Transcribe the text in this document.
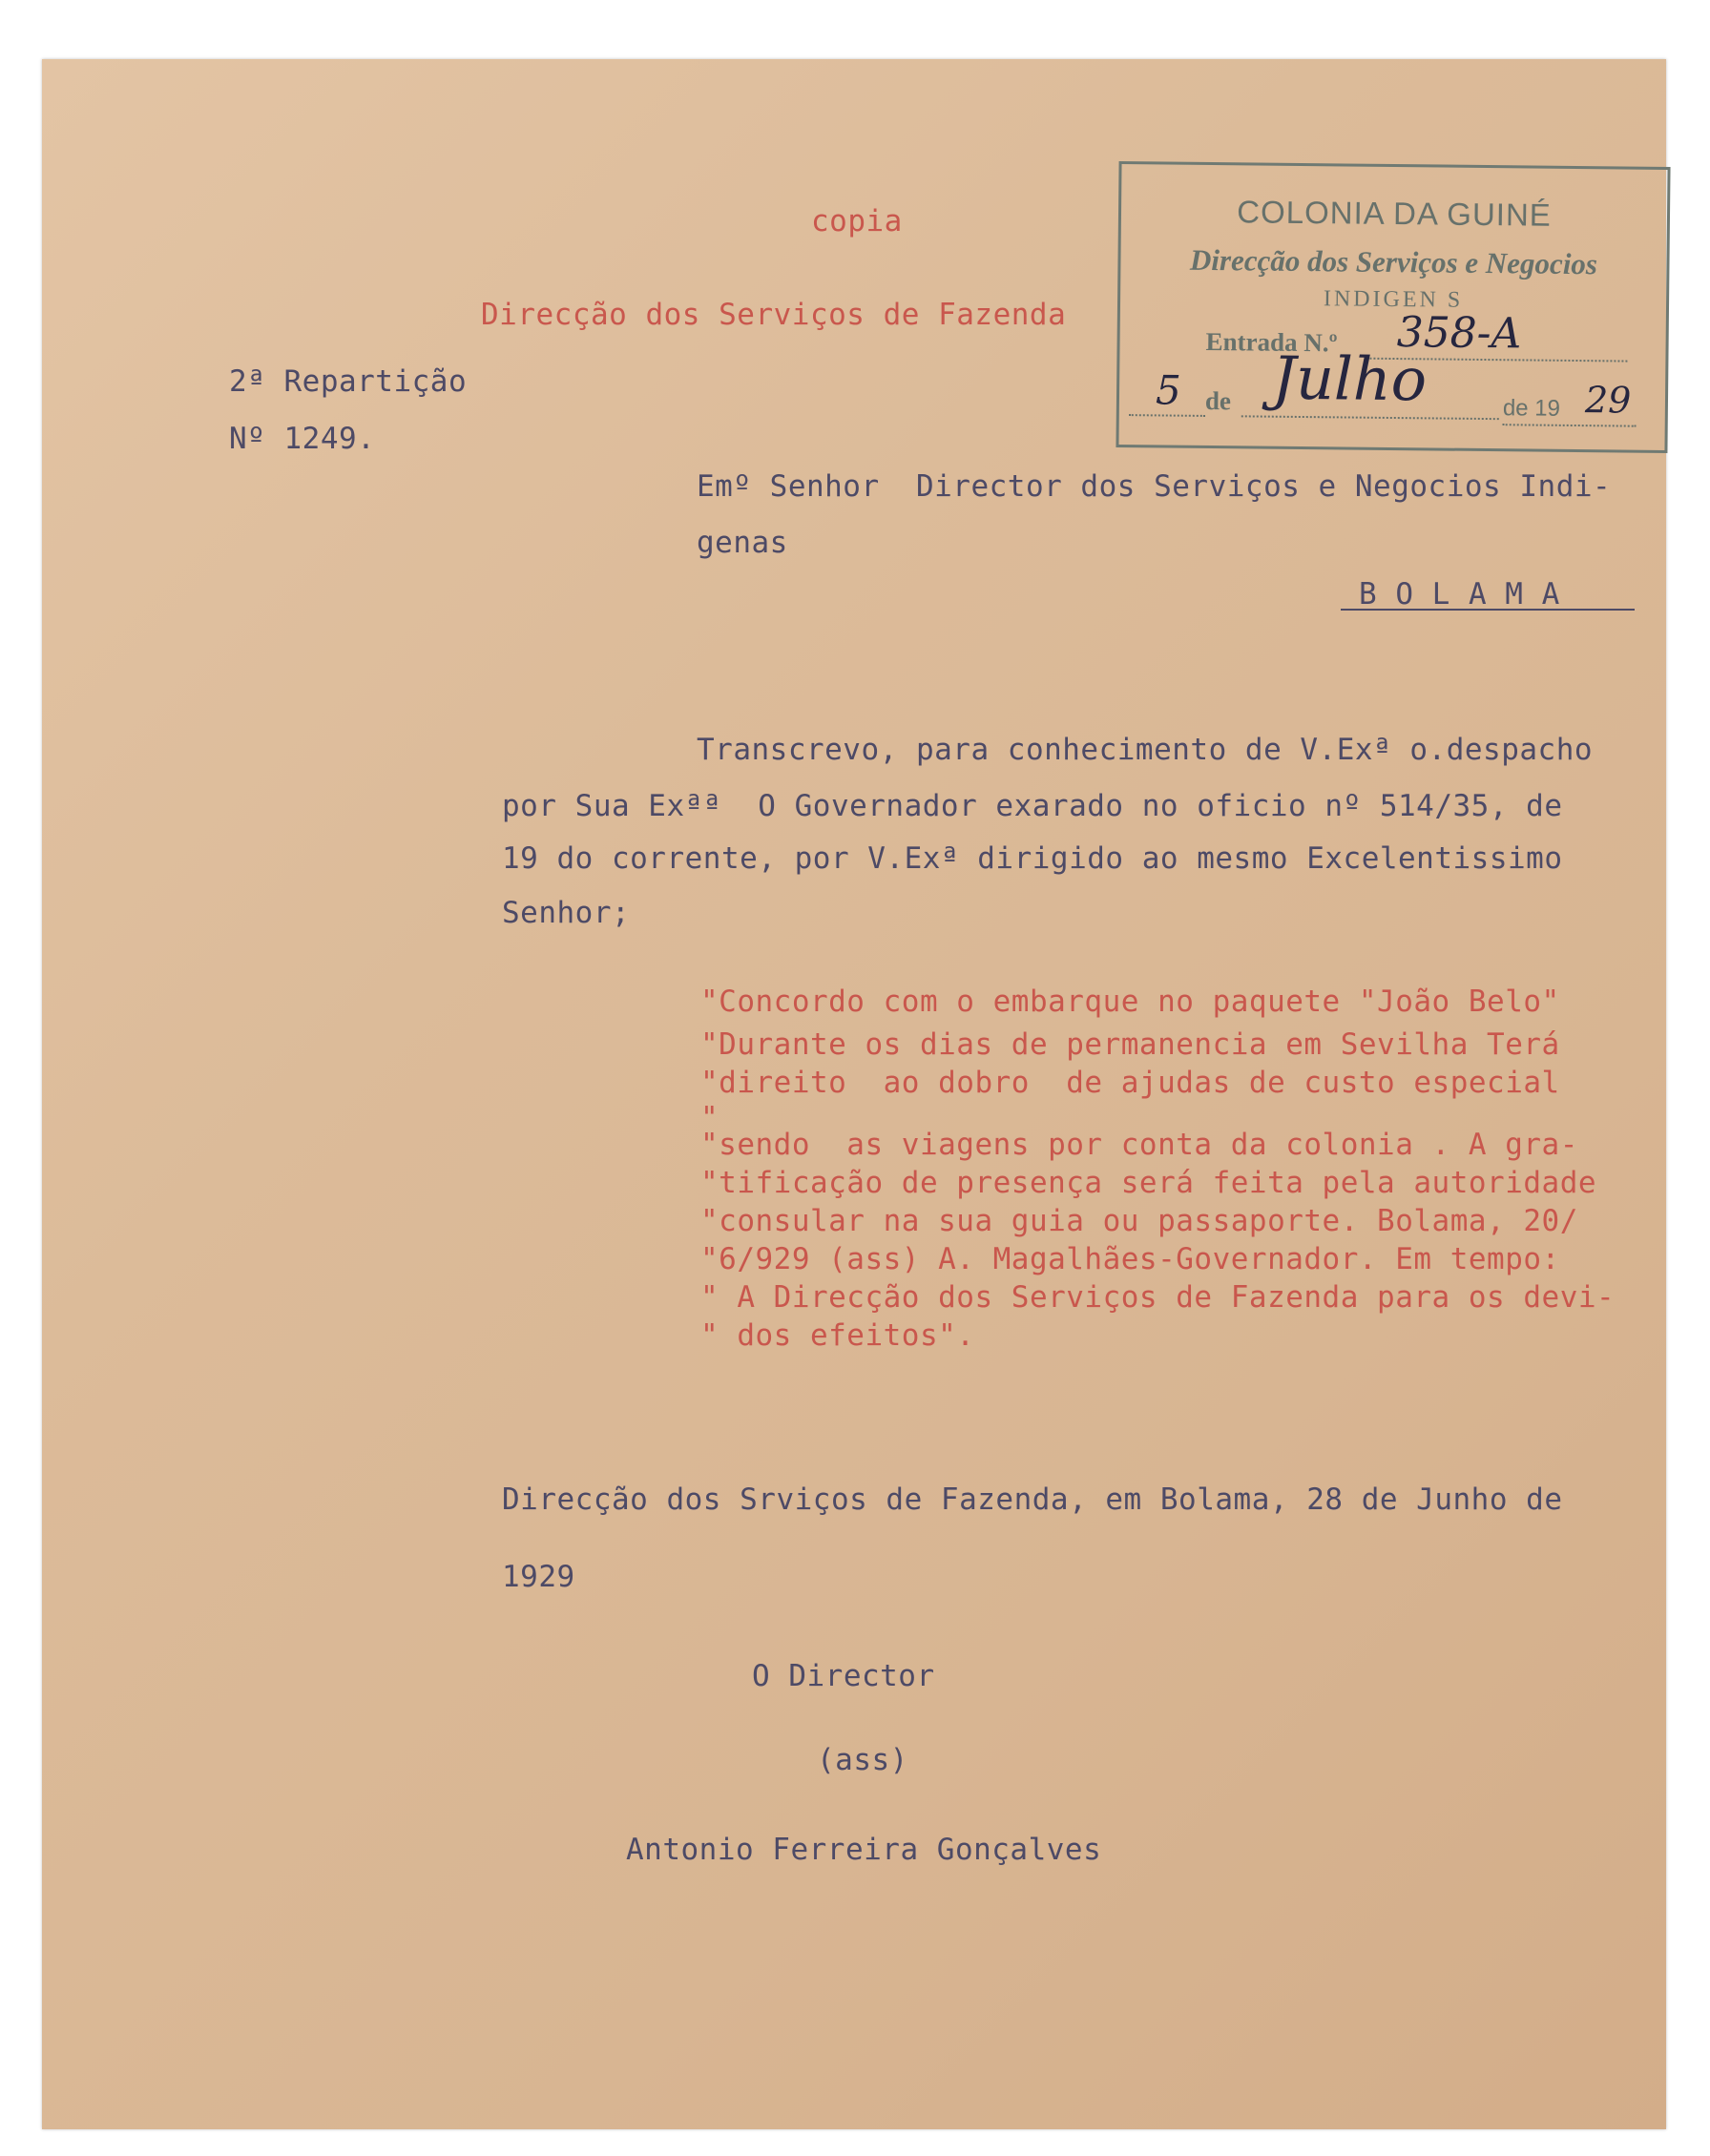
COLONIA DA GUINÉ
Direcção dos Serviços e Negocios
INDIGEN S
Entrada N.º 358-A
5 de Julho	de 19 29
copia
Direcção dos Serviços de Fazenda
2ª Repartição
Nº 1249.
Emº Senhor  Director dos Serviços e Negocios Indi-
genas
B O L A M A
Transcrevo, para conhecimento de V.Exª o.despacho
por Sua Exªª  O Governador exarado no oficio nº 514/35, de
19 do corrente, por V.Exª dirigido ao mesmo Excelentissimo
Senhor;
"Concordo com o embarque no paquete "João Belo"
"Durante os dias de permanencia em Sevilha Terá
"direito  ao dobro  de ajudas de custo especial
"
"sendo  as viagens por conta da colonia . A gra-
"tificação de presença será feita pela autoridade
"consular na sua guia ou passaporte. Bolama, 20/
"6/929 (ass) A. Magalhães-Governador. Em tempo:
" A Direcção dos Serviços de Fazenda para os devi-
" dos efeitos".
Direcção dos Srviços de Fazenda, em Bolama, 28 de Junho de
1929
O Director
(ass)
Antonio Ferreira Gonçalves
